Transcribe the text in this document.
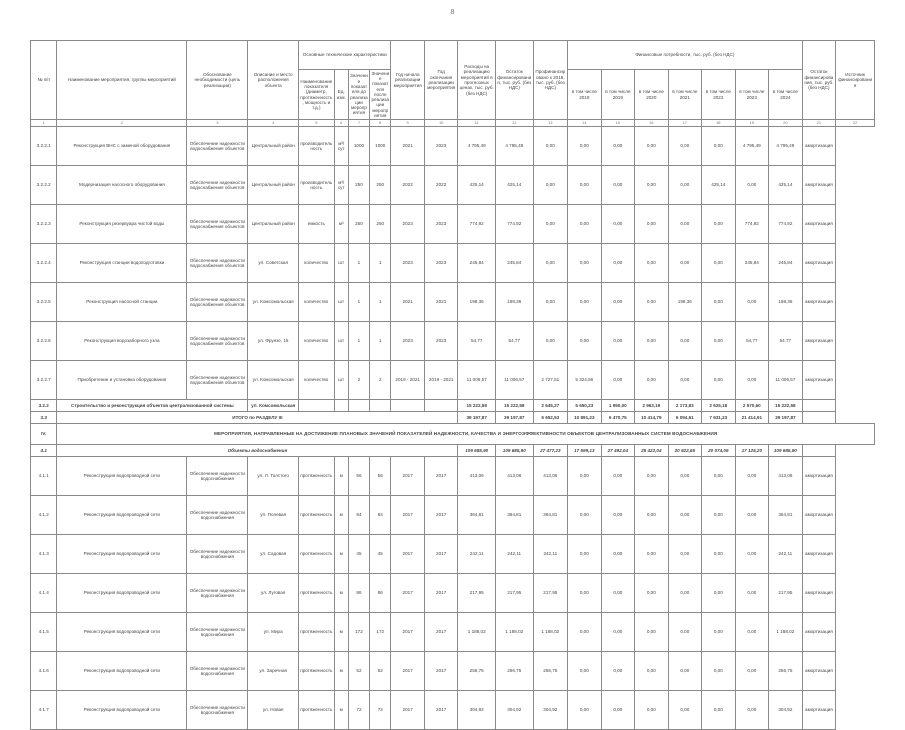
8
№ п/п	Наименование мероприятия, группы мероприятий	Обоснование необходимости (цель реализации)	Описание и место расположения объекта	Основные технические характеристики				Год начала реализации мероприятия	Год окончания реализации мероприятия	Расходы на реализацию мероприятий в прогнозных ценах, тыс. руб. (без НДС)	Остаток финансирования, тыс. руб. (без НДС)	Профинансировано к 2018, тыс. руб. (без НДС)	Финансовые потребности, тыс. руб. (без НДС)							Остаток финансирования, тыс. руб. (без НДС)	Источник финансирования
				Наименование показателя (диаметр, протяженность, мощность и т.д.)	Ед. изм.	Значение показателя до реализации мероприятия	Значение показателя после реализации мероприятия						в том числе 2018	в том числе 2019	в том числе 2020	в том числе 2021	в том числе 2022	в том числе 2023	в том числе 2024		
1	2	3	4	5	6	7	8	9	10	11	12	13	14	15	16	17	18	19	20	21	22
3.2.2.1	Реконструкция ВНС с заменой оборудования	Обеспечение надежности водоснабжения объектов	Центральный район	производительность	м³/сут	1000	1000	2021	2023	4 795,49	4 795,49	0,00	0,00	0,00	0,00	0,00	0,00	4 795,49	4 795,49	амортизация	
3.2.2.2	Модернизация насосного оборудования	Обеспечение надежности водоснабжения объектов	Центральный район	производительность	м³/сут	250	250	2022	2022	425,14	425,14	0,00	0,00	0,00	0,00	0,00	425,14	0,00	425,14	амортизация	
3.2.2.3	Реконструкция резервуара чистой воды	Обеспечение надежности водоснабжения объектов	Центральный район	емкость	м³	250	250	2023	2023	774,92	774,92	0,00	0,00	0,00	0,00	0,00	0,00	774,92	774,92	амортизация	
3.2.2.4	Реконструкция станции водоподготовки	Обеспечение надежности водоснабжения объектов	ул. Советская	количество	шт	1	1	2023	2023	245,84	245,84	0,00	0,00	0,00	0,00	0,00	0,00	245,84	245,84	амортизация	
3.2.2.5	Реконструкция насосной станции	Обеспечение надежности водоснабжения объектов	ул. Комсомольская	количество	шт	1	1	2021	2021	198,36	198,36	0,00	0,00	0,00	0,00	198,36	0,00	0,00	198,36	амортизация	
3.2.2.6	Реконструкция водозаборного узла	Обеспечение надежности водоснабжения объектов	ул. Фрунзе, 15	количество	шт	1	1	2023	2023	54,77	54,77	0,00	0,00	0,00	0,00	0,00	0,00	54,77	54,77	амортизация	
3.2.2.7	Приобретение и установка оборудования	Обеспечение надежности водоснабжения объектов	ул. Комсомольская	количество	шт	2	2	2019 - 2021	2019 - 2021	11 006,57	11 006,57	2 727,51	5 324,56	0,00	0,00	0,00	0,00	0,00	11 006,57	амортизация	
3.2.2	Строительство и реконструкция объектов централизованной системы		ул. Комсомольская							15 222,58	15 222,58	2 645,27	5 650,23	1 950,00	2 963,19	2 173,83	2 625,18	2 570,60	15 222,58		
3.3	ИТОГО по РАЗДЕЛУ III									39 197,87	39 197,87	6 652,53	10 891,23	6 470,75	10 414,79	6 094,61	7 631,23	21 414,91	39 197,87		
IV.	МЕРОПРИЯТИЯ, НАПРАВЛЕННЫЕ НА ДОСТИЖЕНИЕ ПЛАНОВЫХ ЗНАЧЕНИЙ ПОКАЗАТЕЛЕЙ НАДЕЖНОСТИ, КАЧЕСТВА И ЭНЕРГОЭФФЕКТИВНОСТИ ОБЪЕКТОВ ЦЕНТРАЛИЗОВАННЫХ СИСТЕМ ВОДОСНАБЖЕНИЯ																				
4.1	Объекты водоснабжения									109 685,90	109 685,90	27 477,23	17 599,13	27 492,04	25 422,04	20 922,65	20 074,06	17 125,20	109 685,90		
4.1.1	Реконструкция водопроводной сети	Обеспечение надежности водоснабжения	ул. Л. Толстого	протяженность	м	56	56	2017	2017	413,06	413,06	413,06	0,00	0,00	0,00	0,00	0,00	0,00	413,06	амортизация	
4.1.2	Реконструкция водопроводной сети	Обеспечение надежности водоснабжения	ул. Полевая	протяженность	м	84	84	2017	2017	364,81	364,81	364,81	0,00	0,00	0,00	0,00	0,00	0,00	364,81	амортизация	
4.1.3	Реконструкция водопроводной сети	Обеспечение надежности водоснабжения	ул. Садовая	протяженность	м	45	45	2017	2017	242,11	242,11	242,11	0,00	0,00	0,00	0,00	0,00	0,00	242,11	амортизация	
4.1.4	Реконструкция водопроводной сети	Обеспечение надежности водоснабжения	ул. Луговая	протяженность	м	86	86	2017	2017	217,95	217,95	217,95	0,00	0,00	0,00	0,00	0,00	0,00	217,95	амортизация	
4.1.5	Реконструкция водопроводной сети	Обеспечение надежности водоснабжения	ул. Мира	протяженность	м	172	172	2017	2017	1 188,02	1 188,02	1 188,02	0,00	0,00	0,00	0,00	0,00	0,00	1 188,02	амортизация	
4.1.6	Реконструкция водопроводной сети	Обеспечение надежности водоснабжения	ул. Заречная	протяженность	м	52	52	2017	2017	256,75	256,75	256,75	0,00	0,00	0,00	0,00	0,00	0,00	256,75	амортизация	
4.1.7	Реконструкция водопроводной сети	Обеспечение надежности водоснабжения	ул. Новая	протяженность	м	72	72	2017	2017	304,92	304,92	304,92	0,00	0,00	0,00	0,00	0,00	0,00	304,92	амортизация	
